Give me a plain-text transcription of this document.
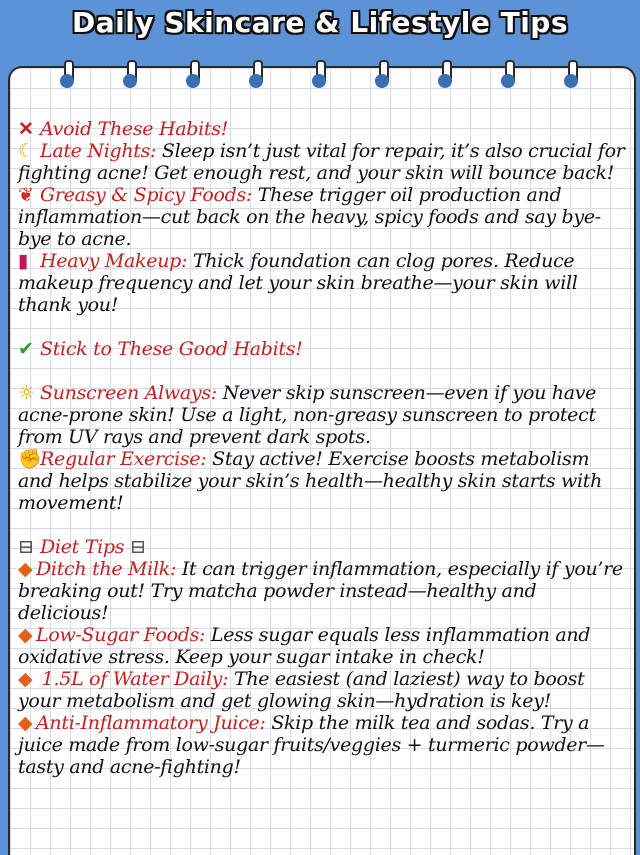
Daily Skincare & Lifestyle Tips

✕ Avoid These Habits!

☾ Late Nights: Sleep isn’t just vital for repair, it’s also crucial for fighting acne! Get enough rest, and your skin will bounce back!

❦ Greasy & Spicy Foods: These trigger oil production and inflammation—cut back on the heavy, spicy foods and say bye-bye to acne.

▮ Heavy Makeup: Thick foundation can clog pores. Reduce makeup frequency and let your skin breathe—your skin will thank you!

✔ Stick to These Good Habits!

☼ Sunscreen Always: Never skip sunscreen—even if you have acne-prone skin! Use a light, non-greasy sunscreen to protect from UV rays and prevent dark spots.

✊Regular Exercise: Stay active! Exercise boosts metabolism and helps stabilize your skin’s health—healthy skin starts with movement!

⊟ Diet Tips ⊟

◆ Ditch the Milk: It can trigger inflammation, especially if you’re breaking out! Try matcha powder instead—healthy and delicious!

◆ Low-Sugar Foods: Less sugar equals less inflammation and oxidative stress. Keep your sugar intake in check!

◆ 1.5L of Water Daily: The easiest (and laziest) way to boost your metabolism and get glowing skin—hydration is key!

◆ Anti-Inflammatory Juice: Skip the milk tea and sodas. Try a juice made from low-sugar fruits/veggies + turmeric powder—tasty and acne-fighting!
